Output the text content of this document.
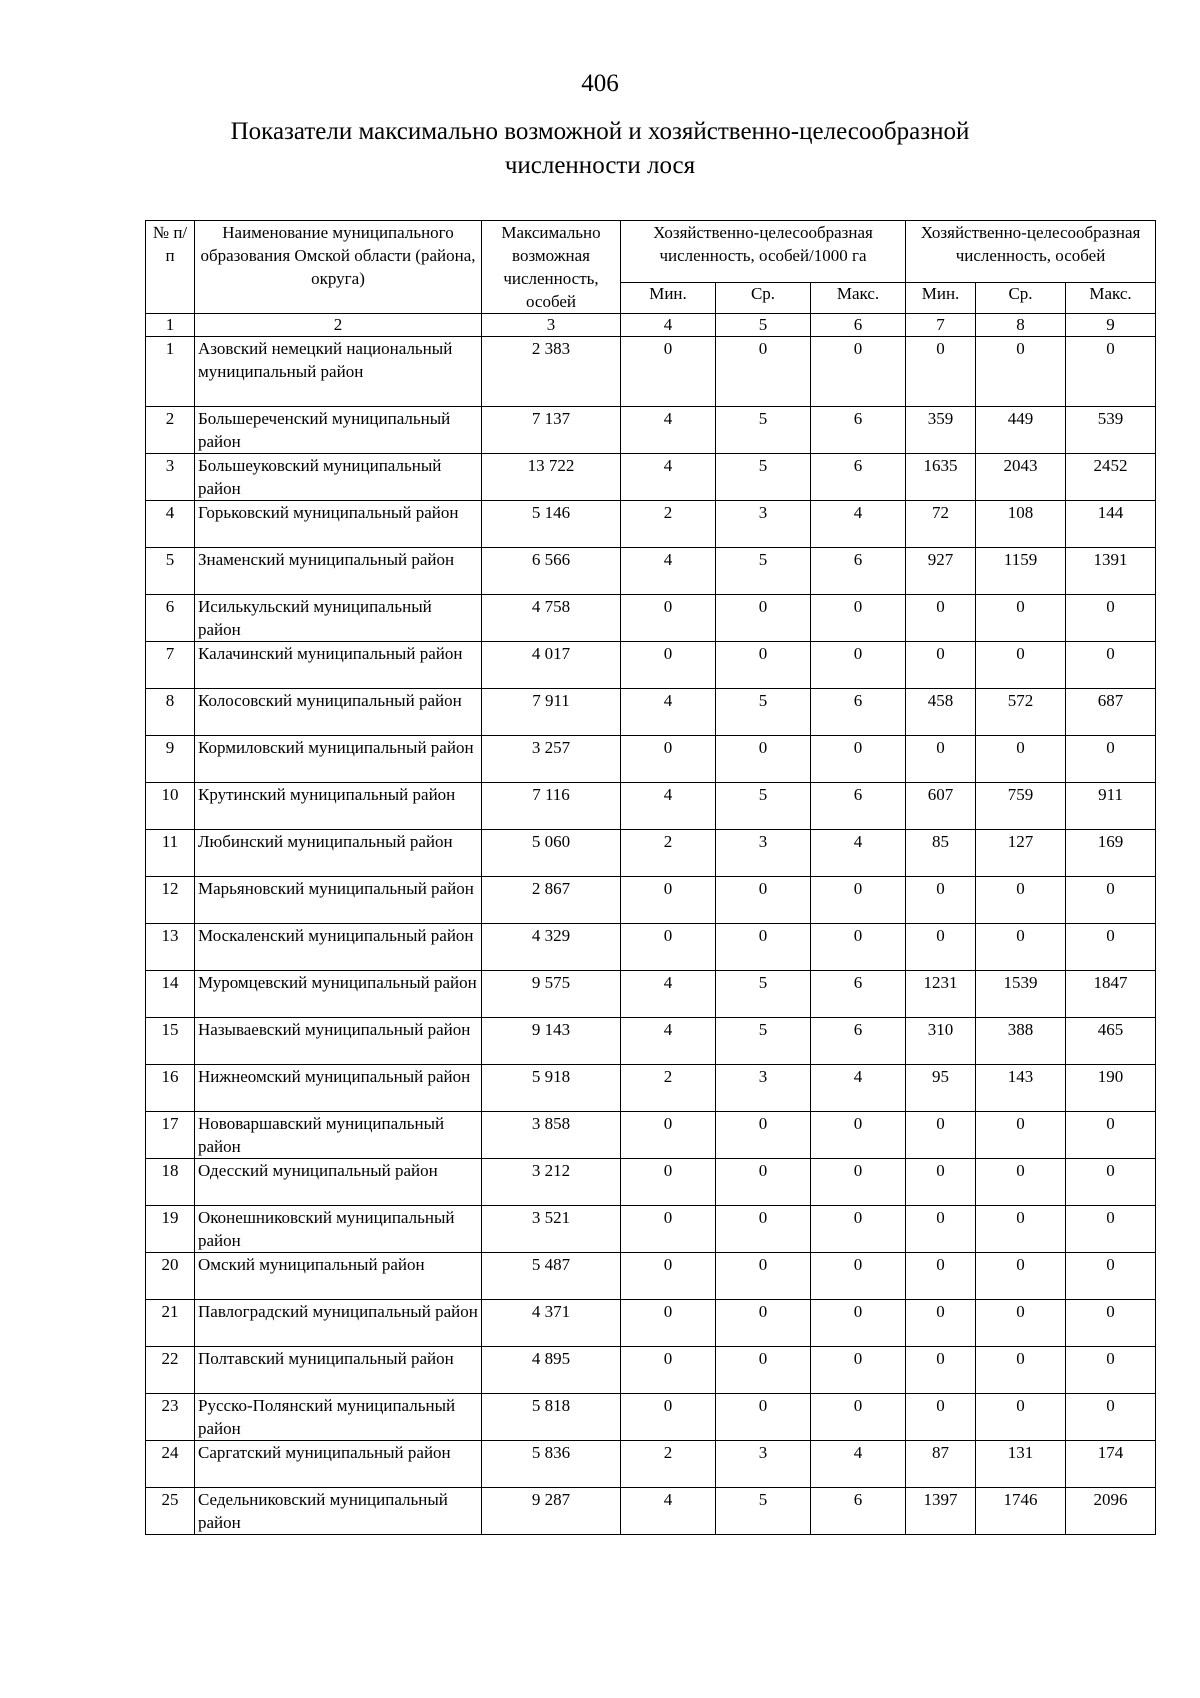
406
Показатели максимально возможной и хозяйственно-целесообразной
численности лося
№ п/п	Наименование муниципального образования Омской области (района, округа)	Максимально возможная численность, особей	Хозяйственно-целесообразная численность, особей/1000 га			Хозяйственно-целесообразная численность, особей		
			Мин.	Ср.	Макс.	Мин.	Ср.	Макс.
1	2	3	4	5	6	7	8	9
1	Азовский немецкий национальный муниципальный район	2 383	0	0	0	0	0	0
2	Большереченский муниципальный район	7 137	4	5	6	359	449	539
3	Большеуковский муниципальный район	13 722	4	5	6	1635	2043	2452
4	Горьковский муниципальный район	5 146	2	3	4	72	108	144
5	Знаменский муниципальный район	6 566	4	5	6	927	1159	1391
6	Исилькульский муниципальный район	4 758	0	0	0	0	0	0
7	Калачинский муниципальный район	4 017	0	0	0	0	0	0
8	Колосовский муниципальный район	7 911	4	5	6	458	572	687
9	Кормиловский муниципальный район	3 257	0	0	0	0	0	0
10	Крутинский муниципальный район	7 116	4	5	6	607	759	911
11	Любинский муниципальный район	5 060	2	3	4	85	127	169
12	Марьяновский муниципальный район	2 867	0	0	0	0	0	0
13	Москаленский муниципальный район	4 329	0	0	0	0	0	0
14	Муромцевский муниципальный район	9 575	4	5	6	1231	1539	1847
15	Называевский муниципальный район	9 143	4	5	6	310	388	465
16	Нижнеомский муниципальный район	5 918	2	3	4	95	143	190
17	Нововаршавский муниципальный район	3 858	0	0	0	0	0	0
18	Одесский муниципальный район	3 212	0	0	0	0	0	0
19	Оконешниковский муниципальный район	3 521	0	0	0	0	0	0
20	Омский муниципальный район	5 487	0	0	0	0	0	0
21	Павлоградский муниципальный район	4 371	0	0	0	0	0	0
22	Полтавский муниципальный район	4 895	0	0	0	0	0	0
23	Русско-Полянский муниципальный район	5 818	0	0	0	0	0	0
24	Саргатский муниципальный район	5 836	2	3	4	87	131	174
25	Седельниковский муниципальный район	9 287	4	5	6	1397	1746	2096
